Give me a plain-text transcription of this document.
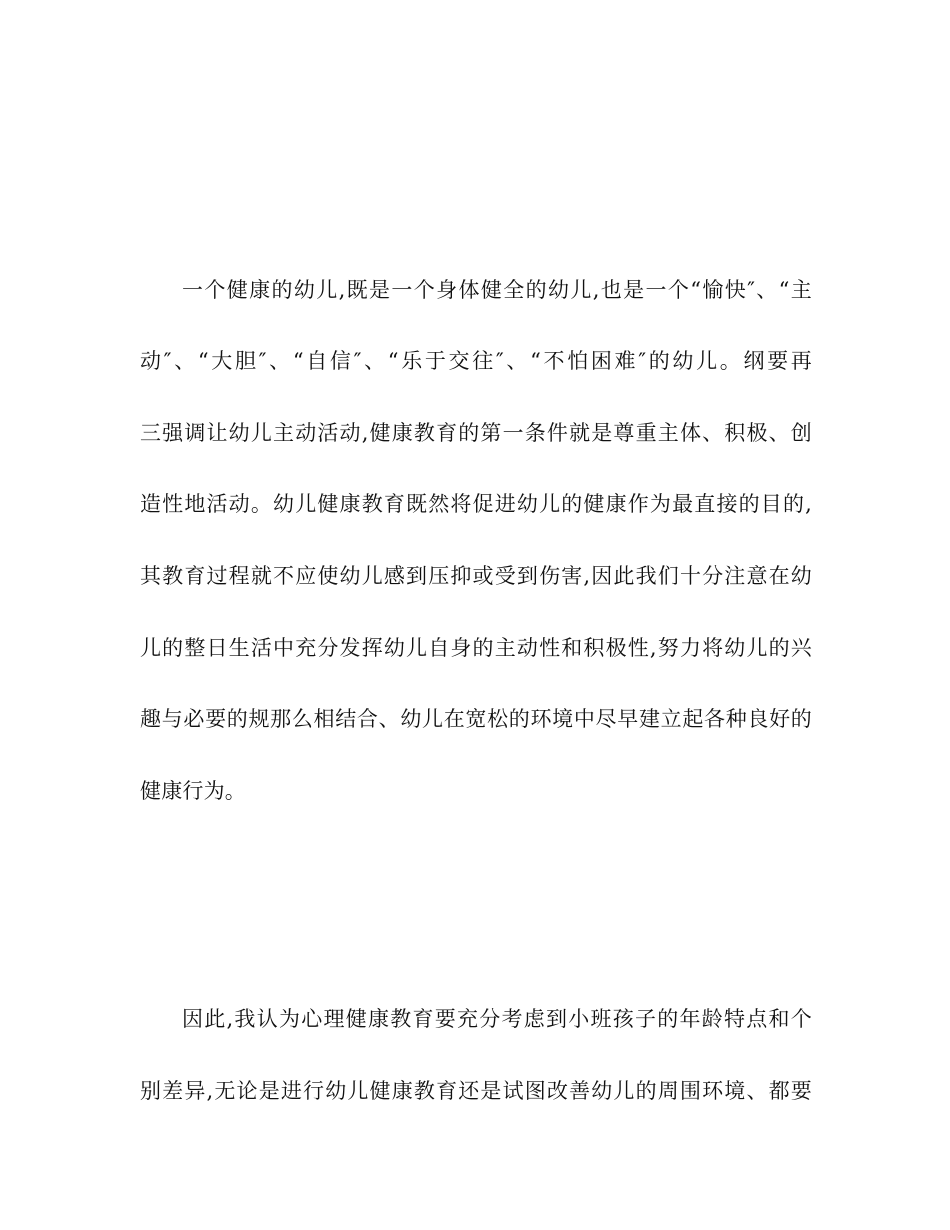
一个健康的幼儿,既是一个身体健全的幼儿,也是一个“愉快″、“主
动″、“大胆″、“自信″、“乐于交往″、“不怕困难″的幼儿。纲要再
三强调让幼儿主动活动,健康教育的第一条件就是尊重主体、积极、创
造性地活动。幼儿健康教育既然将促进幼儿的健康作为最直接的目的,
其教育过程就不应使幼儿感到压抑或受到伤害,因此我们十分注意在幼
儿的整日生活中充分发挥幼儿自身的主动性和积极性,努力将幼儿的兴
趣与必要的规那么相结合、幼儿在宽松的环境中尽早建立起各种良好的
健康行为。
因此,我认为心理健康教育要充分考虑到小班孩子的年龄特点和个
别差异,无论是进行幼儿健康教育还是试图改善幼儿的周围环境、都要
